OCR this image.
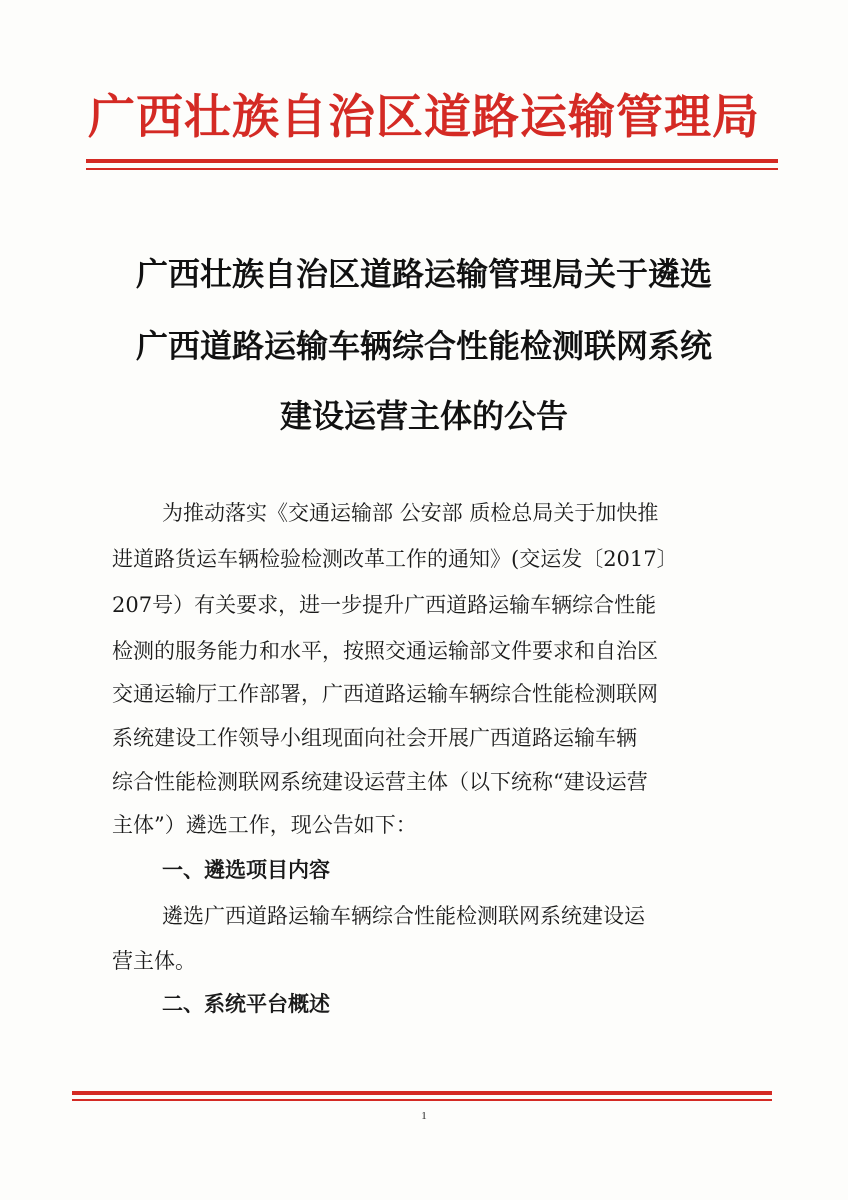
广西壮族自治区道路运输管理局
广西壮族自治区道路运输管理局关于遴选
广西道路运输车辆综合性能检测联网系统
建设运营主体的公告
为推动落实《交通运输部 公安部 质检总局关于加快推
进道路货运车辆检验检测改革工作的通知》(交运发〔2017〕
207号）有关要求，进一步提升广西道路运输车辆综合性能
检测的服务能力和水平，按照交通运输部文件要求和自治区
交通运输厅工作部署，广西道路运输车辆综合性能检测联网
系统建设工作领导小组现面向社会开展广西道路运输车辆
综合性能检测联网系统建设运营主体（以下统称“建设运营
主体”）遴选工作，现公告如下：
一、遴选项目内容
遴选广西道路运输车辆综合性能检测联网系统建设运
营主体。
二、系统平台概述
1
